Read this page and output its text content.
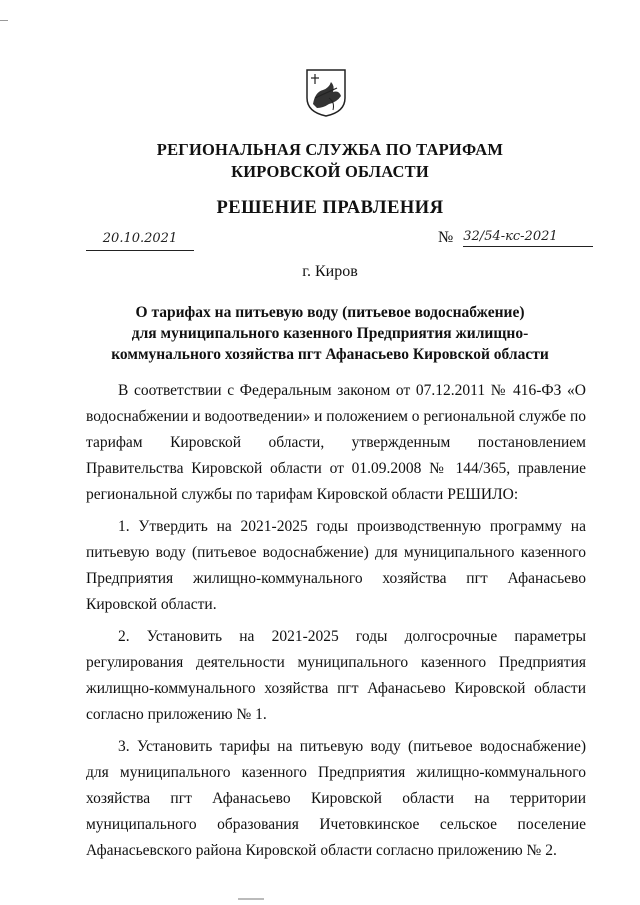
РЕГИОНАЛЬНАЯ СЛУЖБА ПО ТАРИФАМ
КИРОВСКОЙ ОБЛАСТИ
РЕШЕНИЕ ПРАВЛЕНИЯ
20.10.2021	№ 32/54-кс-2021
г. Киров
О тарифах на питьевую воду (питьевое водоснабжение)
для муниципального казенного Предприятия жилищно-
коммунального хозяйства пгт Афанасьево Кировской области

В соответствии с Федеральным законом от 07.12.2011 № 416-ФЗ «О водоснабжении и водоотведении» и положением о региональной службе по тарифам Кировской области, утвержденным постановлением Правительства Кировской области от 01.09.2008 № 144/365, правление региональной службы по тарифам Кировской области РЕШИЛО:

1. Утвердить на 2021-2025 годы производственную программу на питьевую воду (питьевое водоснабжение) для муниципального казенного Предприятия жилищно-коммунального хозяйства пгт Афанасьево Кировской области.

2. Установить на 2021-2025 годы долгосрочные параметры регулирования деятельности муниципального казенного Предприятия жилищно-коммунального хозяйства пгт Афанасьево Кировской области согласно приложению № 1.

3. Установить тарифы на питьевую воду (питьевое водоснабжение) для муниципального казенного Предприятия жилищно-коммунального хозяйства пгт Афанасьево Кировской области на территории муниципального образования Ичетовкинское сельское поселение Афанасьевского района Кировской области согласно приложению № 2.
